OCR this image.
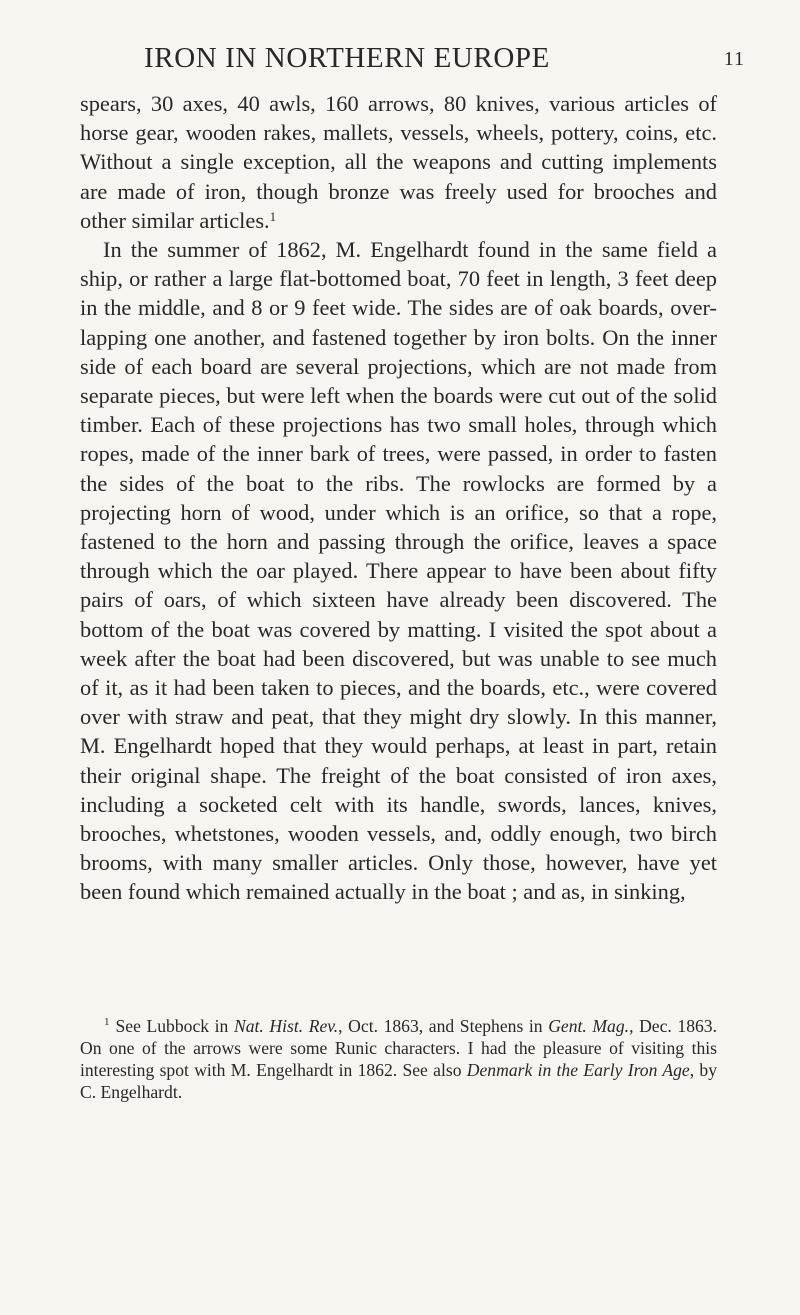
IRON IN NORTHERN EUROPE	11

spears, 30 axes, 40 awls, 160 arrows, 80 knives, various articles of horse gear, wooden rakes, mallets, vessels, wheels, pottery, coins, etc. Without a single exception, all the weapons and cutting implements are made of iron, though bronze was freely used for brooches and other similar articles.$^1$

In the summer of 1862, M. Engelhardt found in the same field a ship, or rather a large flat-bottomed boat, 70 feet in length, 3 feet deep in the middle, and 8 or 9 feet wide. The sides are of oak boards, over-lapping one another, and fastened together by iron bolts. On the inner side of each board are several projections, which are not made from separate pieces, but were left when the boards were cut out of the solid timber. Each of these projections has two small holes, through which ropes, made of the inner bark of trees, were passed, in order to fasten the sides of the boat to the ribs. The rowlocks are formed by a projecting horn of wood, under which is an orifice, so that a rope, fastened to the horn and passing through the orifice, leaves a space through which the oar played. There appear to have been about fifty pairs of oars, of which sixteen have already been discovered. The bottom of the boat was covered by matting. I visited the spot about a week after the boat had been discovered, but was unable to see much of it, as it had been taken to pieces, and the boards, etc., were covered over with straw and peat, that they might dry slowly. In this manner, M. Engelhardt hoped that they would perhaps, at least in part, retain their original shape. The freight of the boat consisted of iron axes, including a socketed celt with its handle, swords, lances, knives, brooches, whetstones, wooden vessels, and, oddly enough, two birch brooms, with many smaller articles. Only those, however, have yet been found which remained actually in the boat ; and as, in sinking,

$^1$ See Lubbock in Nat. Hist. Rev., Oct. 1863, and Stephens in Gent. Mag., Dec. 1863. On one of the arrows were some Runic characters. I had the pleasure of visiting this interesting spot with M. Engelhardt in 1862. See also Denmark in the Early Iron Age, by C. Engelhardt.
